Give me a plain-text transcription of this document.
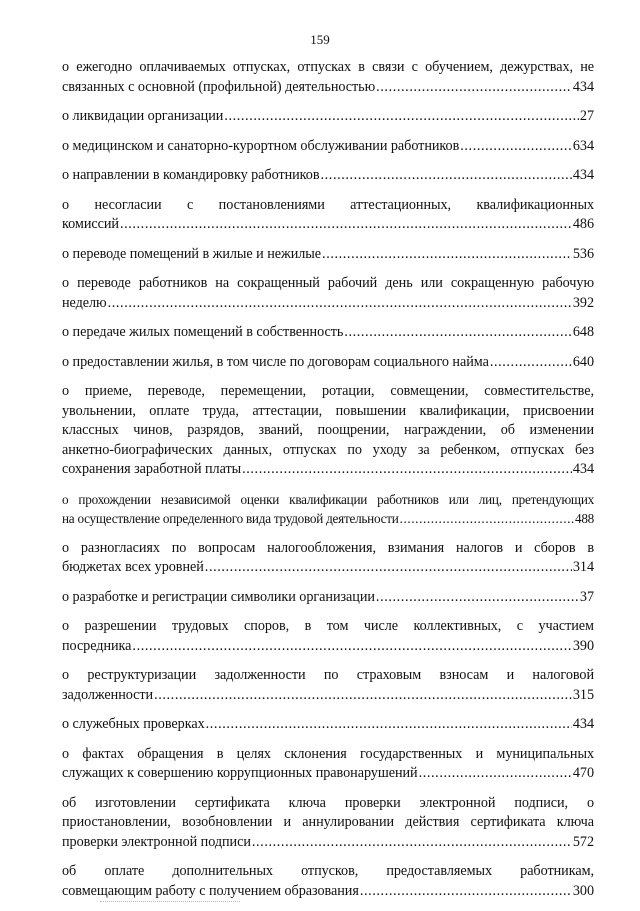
159
о ежегодно оплачиваемых отпусках, отпусках в связи с обучением, дежурствах, не
связанных с основной (профильной) деятельностью .....	434
о ликвидации организации .....	27
о медицинском и санаторно-курортном обслуживании работников .....	634
о направлении в командировку работников .....	434
о несогласии с постановлениями аттестационных, квалификационных
комиссий .....	486
о переводе помещений в жилые и нежилые .....	536
о переводе работников на сокращенный рабочий день или сокращенную рабочую
неделю .....	392
о передаче жилых помещений в собственность .....	648
о предоставлении жилья, в том числе по договорам социального найма .....	640
о приеме, переводе, перемещении, ротации, совмещении, совместительстве,
увольнении, оплате труда, аттестации, повышении квалификации, присвоении
классных чинов, разрядов, званий, поощрении, награждении, об изменении
анкетно-биографических данных, отпусках по уходу за ребенком, отпусках без
сохранения заработной платы .....	434
о прохождении независимой оценки квалификации работников или лиц, претендующих
на осуществление определенного вида трудовой деятельности .....	488
о разногласиях по вопросам налогообложения, взимания налогов и сборов в
бюджетах всех уровней .....	314
о разработке и регистрации символики организации .....	37
о разрешении трудовых споров, в том числе коллективных, с участием
посредника .....	390
о реструктуризации задолженности по страховым взносам и налоговой
задолженности .....	315
о служебных проверках .....	434
о фактах обращения в целях склонения государственных и муниципальных
служащих к совершению коррупционных правонарушений .....	470
об изготовлении сертификата ключа проверки электронной подписи, о
приостановлении, возобновлении и аннулировании действия сертификата ключа
проверки электронной подписи .....	572
об оплате дополнительных отпусков, предоставляемых работникам,
совмещающим работу с получением образования .....	300
